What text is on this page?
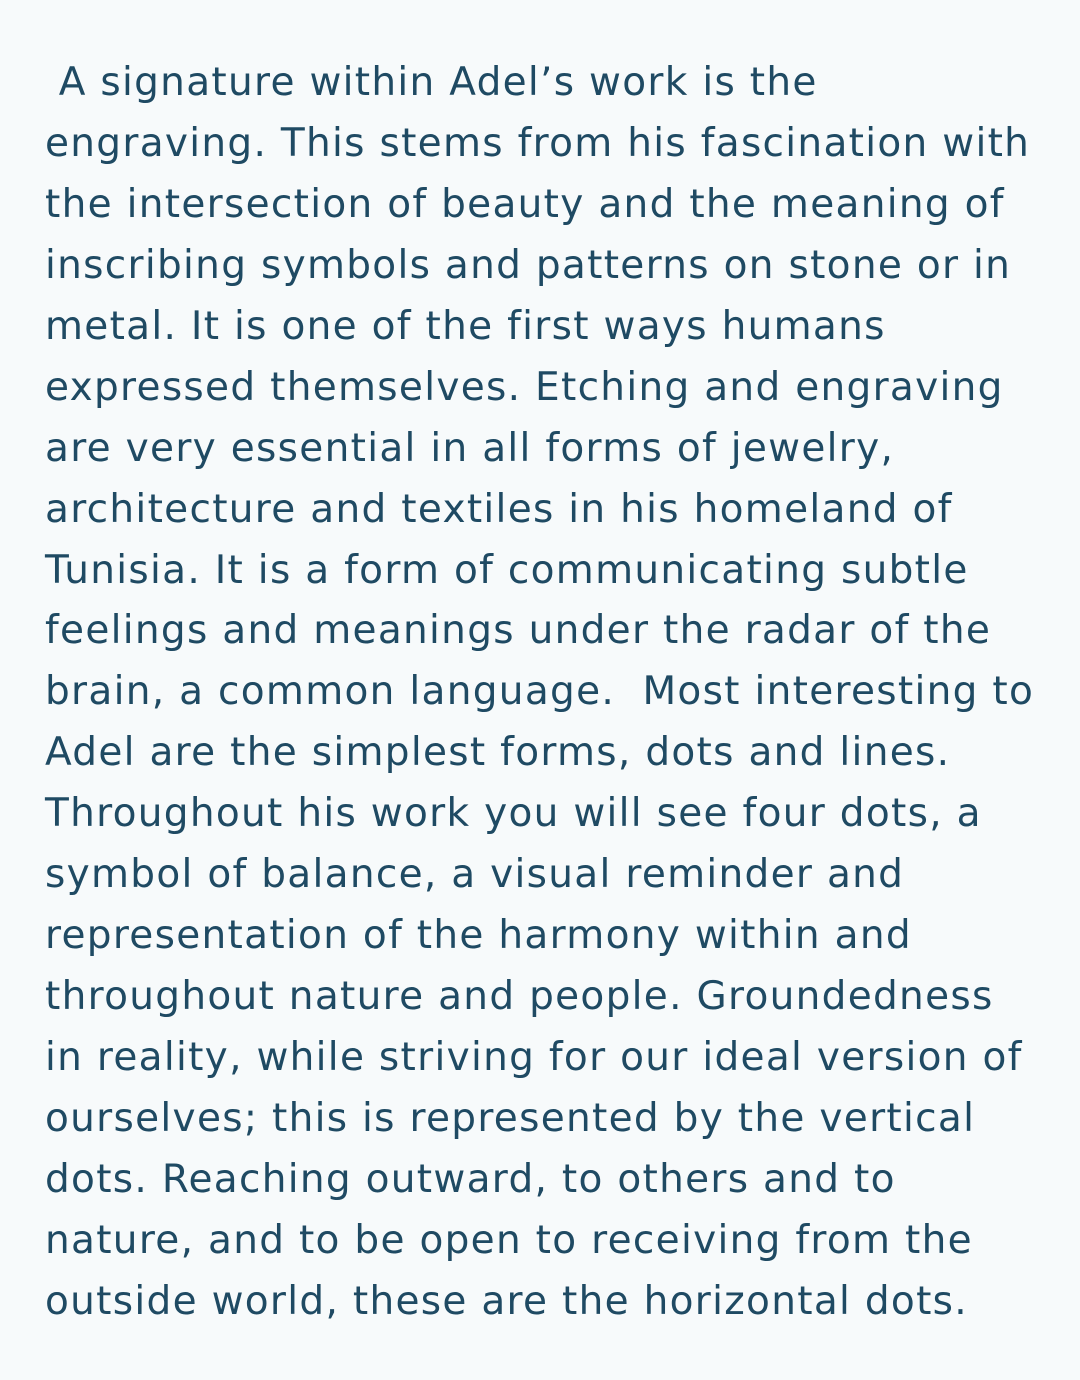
A signature within Adel’s work is the
engraving. This stems from his fascination with
the intersection of beauty and the meaning of
inscribing symbols and patterns on stone or in
metal. It is one of the first ways humans
expressed themselves. Etching and engraving
are very essential in all forms of jewelry,
architecture and textiles in his homeland of
Tunisia. It is a form of communicating subtle
feelings and meanings under the radar of the
brain, a common language.  Most interesting to
Adel are the simplest forms, dots and lines.
Throughout his work you will see four dots, a
symbol of balance, a visual reminder and
representation of the harmony within and
throughout nature and people. Groundedness
in reality, while striving for our ideal version of
ourselves; this is represented by the vertical
dots. Reaching outward, to others and to
nature, and to be open to receiving from the
outside world, these are the horizontal dots.
